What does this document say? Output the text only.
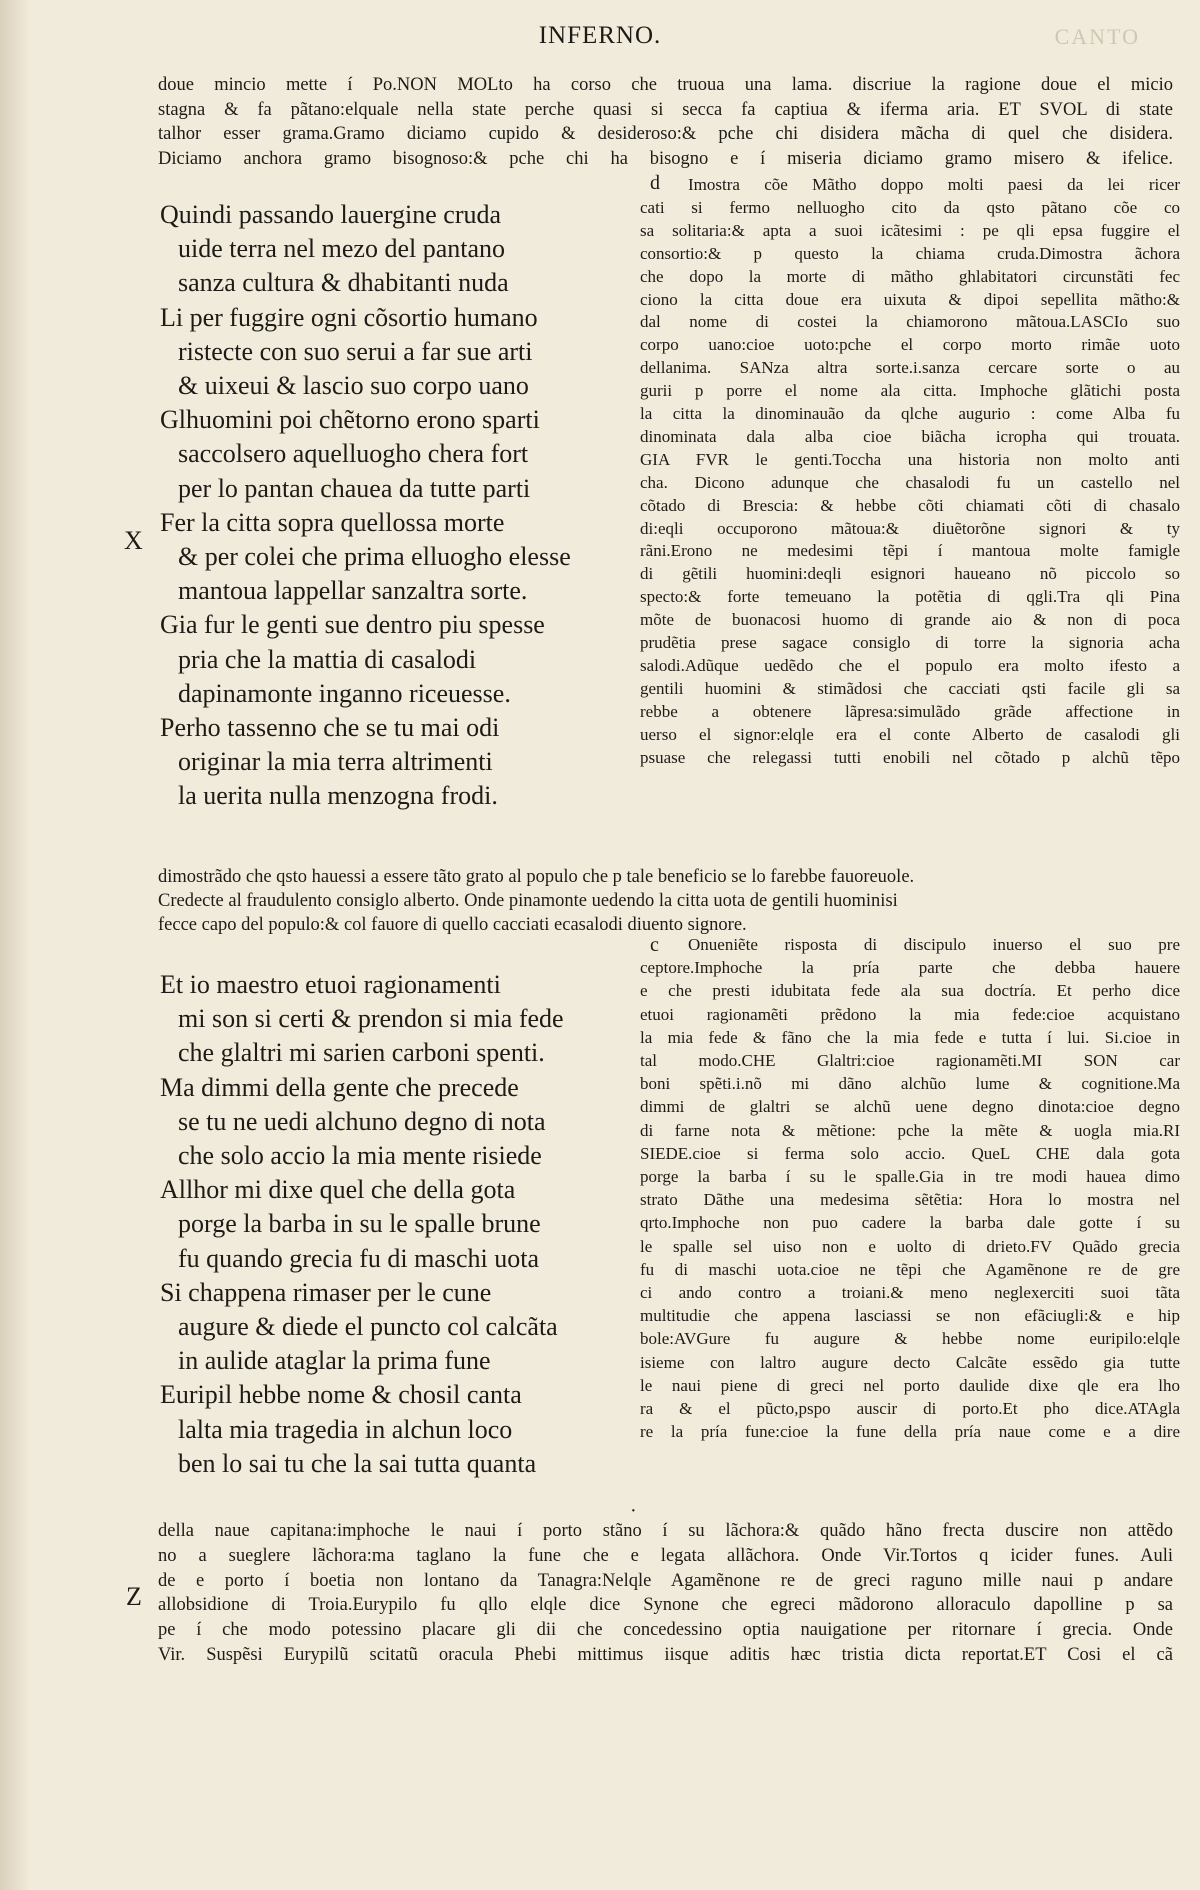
INFERNO.	CANTO
doue mincio mette í Po.NON MOLto ha corso che truoua una lama. discriue la ragione doue el micio
stagna & fa pãtano:elquale nella state perche quasi si secca fa captiua & iferma aria. ET SVOL di state
talhor esser grama.Gramo diciamo cupido & desideroso:& pche chi disidera mãcha di quel che disidera.
Diciamo anchora gramo bisognoso:& pche chi ha bisogno e í miseria diciamo gramo misero & ifelice.
Quindi passando lauergine cruda
uide terra nel mezo del pantano
sanza cultura & dhabitanti nuda
Li per fuggire ogni cõsortio humano
ristecte con suo serui a far sue arti
& uixeui & lascio suo corpo uano
Glhuomini poi chẽtorno erono sparti
saccolsero aquelluogho chera fort
per lo pantan chauea da tutte parti
Fer la citta sopra quellossa morte
& per colei che prima elluogho elesse
mantoua lappellar sanzaltra sorte.
Gia fur le genti sue dentro piu spesse
pria che la mattia di casalodi
dapinamonte inganno riceuesse.
Perho tassenno che se tu mai odi
originar la mia terra altrimenti
la uerita nulla menzogna frodi.
Imostra cõe Mãtho doppo molti paesi da lei ricer
cati si fermo nelluogho cito da qsto pãtano cõe co
sa solitaria:& apta a suoi icãtesimi : pe qli epsa fuggire el
consortio:& p questo la chiama cruda.Dimostra ãchora
che dopo la morte di mãtho ghlabitatori circunstãti fec
ciono la citta doue era uixuta & dipoi sepellita mãtho:&
dal nome di costei la chiamorono mãtoua.LASCIo suo
corpo uano:cioe uoto:pche el corpo morto rimãe uoto
dellanima. SANza altra sorte.i.sanza cercare sorte o au
gurii p porre el nome ala citta. Imphoche glãtichi posta
la citta la dinominauão da qlche augurio : come Alba fu
dinominata dala alba cioe biãcha icropha qui trouata.
GIA FVR le genti.Toccha una historia non molto anti
cha. Dicono adunque che chasalodi fu un castello nel
cõtado di Brescia: & hebbe cõti chiamati cõti di chasalo
di:eqli occuporono mãtoua:& diuẽtorõne signori & ty
rãni.Erono ne medesimi tẽpi í mantoua molte famigle
di gẽtili huomini:deqli esignori haueano nõ piccolo so
specto:& forte temeuano la potẽtia di qgli.Tra qli Pina
mõte de buonacosi huomo di grande aio & non di poca
prudẽtia prese sagace consiglo di torre la signoria acha
salodi.Adũque uedẽdo che el populo era molto ifesto a
gentili huomini & stimãdosi che cacciati qsti facile gli sa
rebbe a obtenere lãpresa:simulãdo grãde affectione in
uerso el signor:elqle era el conte Alberto de casalodi gli
psuase che relegassi tutti enobili nel cõtado p alchũ tẽpo
dimostrãdo che qsto hauessi a essere tãto grato al populo che p tale beneficio se lo farebbe fauoreuole.
Credecte al fraudulento consiglo alberto. Onde pinamonte uedendo la citta uota de gentili huominisi
fecce capo del populo:& col fauore di quello cacciati ecasalodi diuento signore.
Et io maestro etuoi ragionamenti
mi son si certi & prendon si mia fede
che glaltri mi sarien carboni spenti.
Ma dimmi della gente che precede
se tu ne uedi alchuno degno di nota
che solo accio la mia mente risiede
Allhor mi dixe quel che della gota
porge la barba in su le spalle brune
fu quando grecia fu di maschi uota
Si chappena rimaser per le cune
augure & diede el puncto col calcãta
in aulide ataglar la prima fune
Euripil hebbe nome & chosil canta
lalta mia tragedia in alchun loco
ben lo sai tu che la sai tutta quanta
Onueniẽte risposta di discipulo inuerso el suo pre
ceptore.Imphoche la pría parte che debba hauere
e che presti idubitata fede ala sua doctría. Et perho dice
etuoi ragionamẽti prẽdono la mia fede:cioe acquistano
la mia fede & fãno che la mia fede e tutta í lui. Si.cioe in
tal modo.CHE Glaltri:cioe ragionamẽti.MI SON car
boni spẽti.i.nõ mi dãno alchũo lume & cognitione.Ma
dimmi de glaltri se alchũ uene degno dinota:cioe degno
di farne nota & mẽtione: pche la mẽte & uogla mia.RI
SIEDE.cioe si ferma solo accio. QueL CHE dala gota
porge la barba í su le spalle.Gia in tre modi hauea dimo
strato Dãthe una medesima sẽtẽtia: Hora lo mostra nel
qrto.Imphoche non puo cadere la barba dale gotte í su
le spalle sel uiso non e uolto di drieto.FV Quãdo grecia
fu di maschi uota.cioe ne tẽpi che Agamẽnone re de gre
ci ando contro a troiani.& meno neglexerciti suoi tãta
multitudie che appena lasciassi se non efãciugli:& e hip
bole:AVGure fu augure & hebbe nome euripilo:elqle
isieme con laltro augure decto Calcãte essẽdo gia tutte
le naui piene di greci nel porto daulide dixe qle era lho
ra & el pũcto,pspo auscir di porto.Et pho dice.ATAgla
re la pría fune:cioe la fune della pría naue come e a dire
della naue capitana:imphoche le naui í porto stãno í su lãchora:& quãdo hãno frecta duscire non attẽdo
no a sueglere lãchora:ma taglano la fune che e legata allãchora. Onde Vir.Tortos q icider funes. Auli
de e porto í boetia non lontano da Tanagra:Nelqle Agamẽnone re de greci raguno mille naui p andare
allobsidione di Troia.Eurypilo fu qllo elqle dice Synone che egreci mãdorono alloraculo dapolline p sa
pe í che modo potessino placare gli dii che concedessino optia nauigatione per ritornare í grecia. Onde
Vir. Suspẽsi Eurypilũ scitatũ oracula Phebi mittimus iisque aditis hæc tristia dicta reportat.ET Cosi el cã
X
Z
d
c
·
